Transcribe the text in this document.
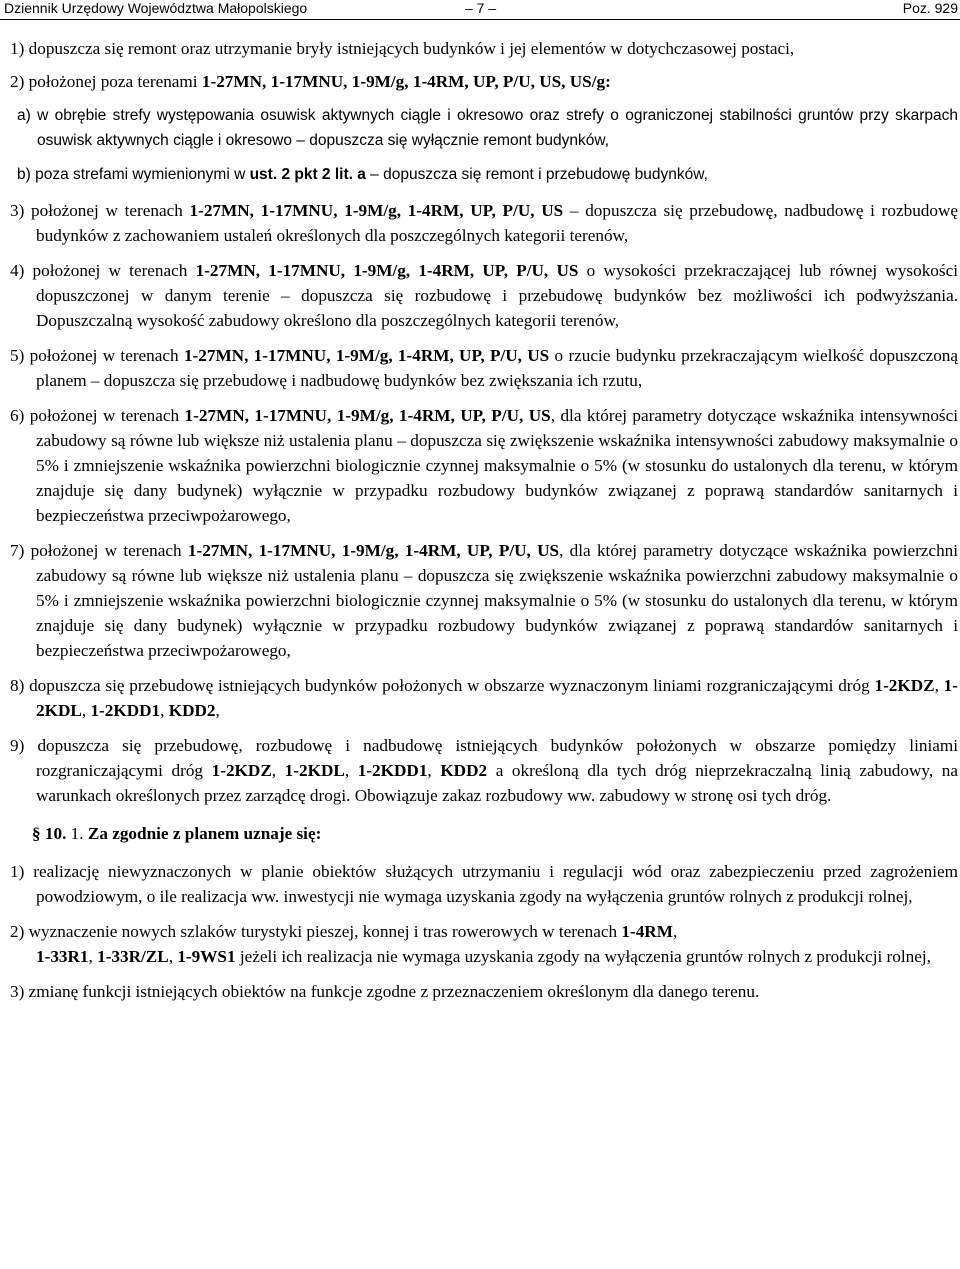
Dziennik Urzędowy Województwa Małopolskiego	– 7 –	Poz. 929

1) dopuszcza się remont oraz utrzymanie bryły istniejących budynków i jej elementów w dotychczasowej postaci,

2) położonej poza terenami 1-27MN, 1-17MNU, 1-9M/g, 1-4RM, UP, P/U, US, US/g:

a) w obrębie strefy występowania osuwisk aktywnych ciągle i okresowo oraz strefy o ograniczonej stabilności gruntów przy skarpach osuwisk aktywnych ciągle i okresowo – dopuszcza się wyłącznie remont budynków,

b) poza strefami wymienionymi w ust. 2 pkt 2 lit. a – dopuszcza się remont i przebudowę budynków,

3) położonej w terenach 1-27MN, 1-17MNU, 1-9M/g, 1-4RM, UP, P/U, US – dopuszcza się przebudowę, nadbudowę i rozbudowę budynków z zachowaniem ustaleń określonych dla poszczególnych kategorii terenów,

4) położonej w terenach 1-27MN, 1-17MNU, 1-9M/g, 1-4RM, UP, P/U, US o wysokości przekraczającej lub równej wysokości dopuszczonej w danym terenie – dopuszcza się rozbudowę i przebudowę budynków bez możliwości ich podwyższania. Dopuszczalną wysokość zabudowy określono dla poszczególnych kategorii terenów,

5) położonej w terenach 1-27MN, 1-17MNU, 1-9M/g, 1-4RM, UP, P/U, US o rzucie budynku przekraczającym wielkość dopuszczoną planem – dopuszcza się przebudowę i nadbudowę budynków bez zwiększania ich rzutu,

6) położonej w terenach 1-27MN, 1-17MNU, 1-9M/g, 1-4RM, UP, P/U, US, dla której parametry dotyczące wskaźnika intensywności zabudowy są równe lub większe niż ustalenia planu – dopuszcza się zwiększenie wskaźnika intensywności zabudowy maksymalnie o 5% i zmniejszenie wskaźnika powierzchni biologicznie czynnej maksymalnie o 5% (w stosunku do ustalonych dla terenu, w którym znajduje się dany budynek) wyłącznie w przypadku rozbudowy budynków związanej z poprawą standardów sanitarnych i bezpieczeństwa przeciwpożarowego,

7) położonej w terenach 1-27MN, 1-17MNU, 1-9M/g, 1-4RM, UP, P/U, US, dla której parametry dotyczące wskaźnika powierzchni zabudowy są równe lub większe niż ustalenia planu – dopuszcza się zwiększenie wskaźnika powierzchni zabudowy maksymalnie o 5% i zmniejszenie wskaźnika powierzchni biologicznie czynnej maksymalnie o 5% (w stosunku do ustalonych dla terenu, w którym znajduje się dany budynek) wyłącznie w przypadku rozbudowy budynków związanej z poprawą standardów sanitarnych i bezpieczeństwa przeciwpożarowego,

8) dopuszcza się przebudowę istniejących budynków położonych w obszarze wyznaczonym liniami rozgraniczającymi dróg 1-2KDZ, 1-2KDL, 1-2KDD1, KDD2,

9) dopuszcza się przebudowę, rozbudowę i nadbudowę istniejących budynków położonych w obszarze pomiędzy liniami rozgraniczającymi dróg 1-2KDZ, 1-2KDL, 1-2KDD1, KDD2 a określoną dla tych dróg nieprzekraczalną linią zabudowy, na warunkach określonych przez zarządcę drogi. Obowiązuje zakaz rozbudowy ww. zabudowy w stronę osi tych dróg.

§ 10. 1. Za zgodnie z planem uznaje się:

1) realizację niewyznaczonych w planie obiektów służących utrzymaniu i regulacji wód oraz zabezpieczeniu przed zagrożeniem powodziowym, o ile realizacja ww. inwestycji nie wymaga uzyskania zgody na wyłączenia gruntów rolnych z produkcji rolnej,

2) wyznaczenie nowych szlaków turystyki pieszej, konnej i tras rowerowych w terenach 1-4RM,
1-33R1, 1-33R/ZL, 1-9WS1 jeżeli ich realizacja nie wymaga uzyskania zgody na wyłączenia gruntów rolnych z produkcji rolnej,

3) zmianę funkcji istniejących obiektów na funkcje zgodne z przeznaczeniem określonym dla danego terenu.
